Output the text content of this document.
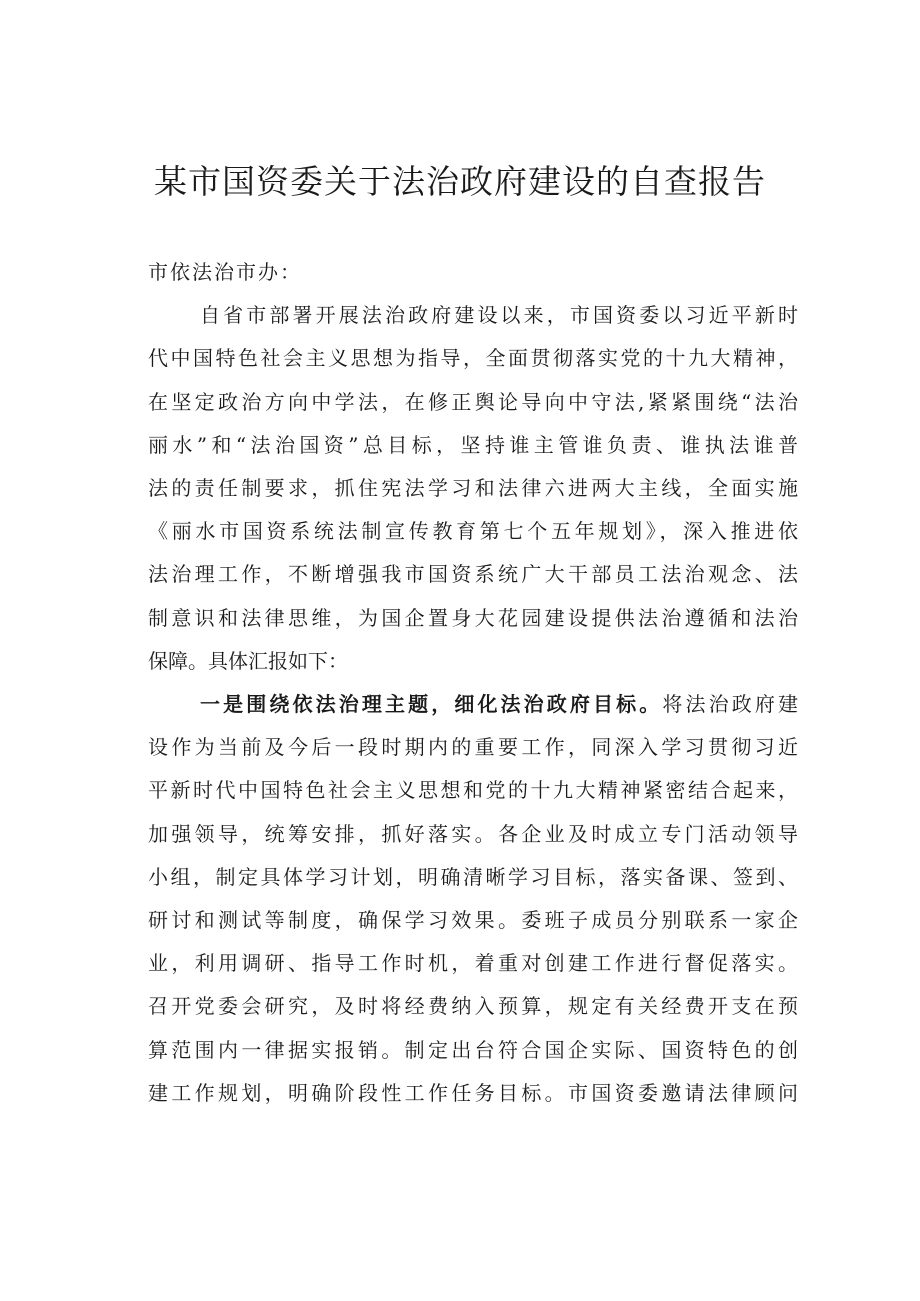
某市国资委关于法治政府建设的自查报告

市依法治市办：

自省市部署开展法治政府建设以来，市国资委以习近平新时

代中国特色社会主义思想为指导，全面贯彻落实党的十九大精神，

在坚定政治方向中学法，在修正舆论导向中守法,紧紧围绕“法治

丽水”和“法治国资”总目标，坚持谁主管谁负责、谁执法谁普

法的责任制要求，抓住宪法学习和法律六进两大主线，全面实施

《丽水市国资系统法制宣传教育第七个五年规划》，深入推进依

法治理工作，不断增强我市国资系统广大干部员工法治观念、法

制意识和法律思维，为国企置身大花园建设提供法治遵循和法治

保障。具体汇报如下：

一是围绕依法治理主题，细化法治政府目标。将法治政府建

设作为当前及今后一段时期内的重要工作，同深入学习贯彻习近

平新时代中国特色社会主义思想和党的十九大精神紧密结合起来，

加强领导，统筹安排，抓好落实。各企业及时成立专门活动领导

小组，制定具体学习计划，明确清晰学习目标，落实备课、签到、

研讨和测试等制度，确保学习效果。委班子成员分别联系一家企

业，利用调研、指导工作时机，着重对创建工作进行督促落实。

召开党委会研究，及时将经费纳入预算，规定有关经费开支在预

算范围内一律据实报销。制定出台符合国企实际、国资特色的创

建工作规划，明确阶段性工作任务目标。市国资委邀请法律顾问
